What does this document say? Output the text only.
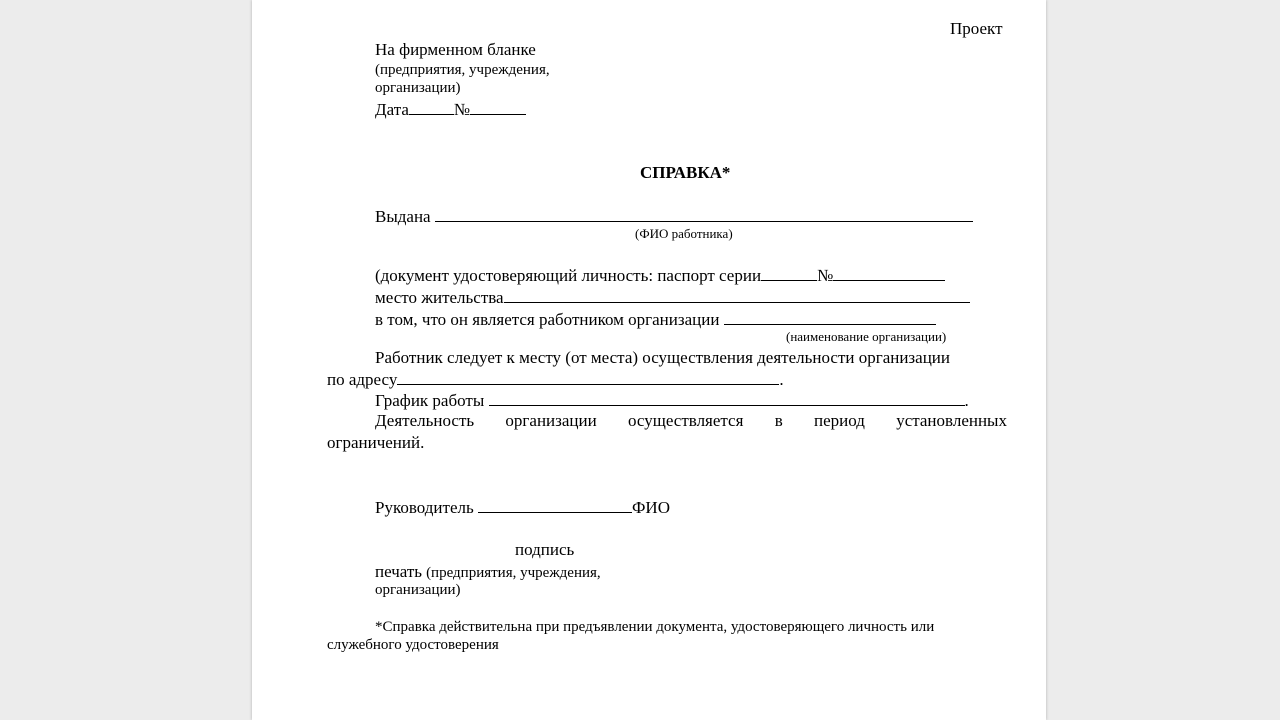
Проект
На фирменном бланке
(предприятия, учреждения,
организации)
Дата	№
СПРАВКА*
Выдана
(ФИО работника)
(документ удостоверяющий личность: паспорт серии	№
место жительства
в том, что он является работником организации
(наименование организации)
Работник следует к месту (от места) осуществления деятельности организации
по адресу	.
График работы	.
Деятельность организации осуществляется в период установленных
ограничений.
Руководитель	ФИО
подпись
печать (предприятия, учреждения,
организации)
*Справка действительна при предъявлении документа, удостоверяющего личность или
служебного удостоверения
